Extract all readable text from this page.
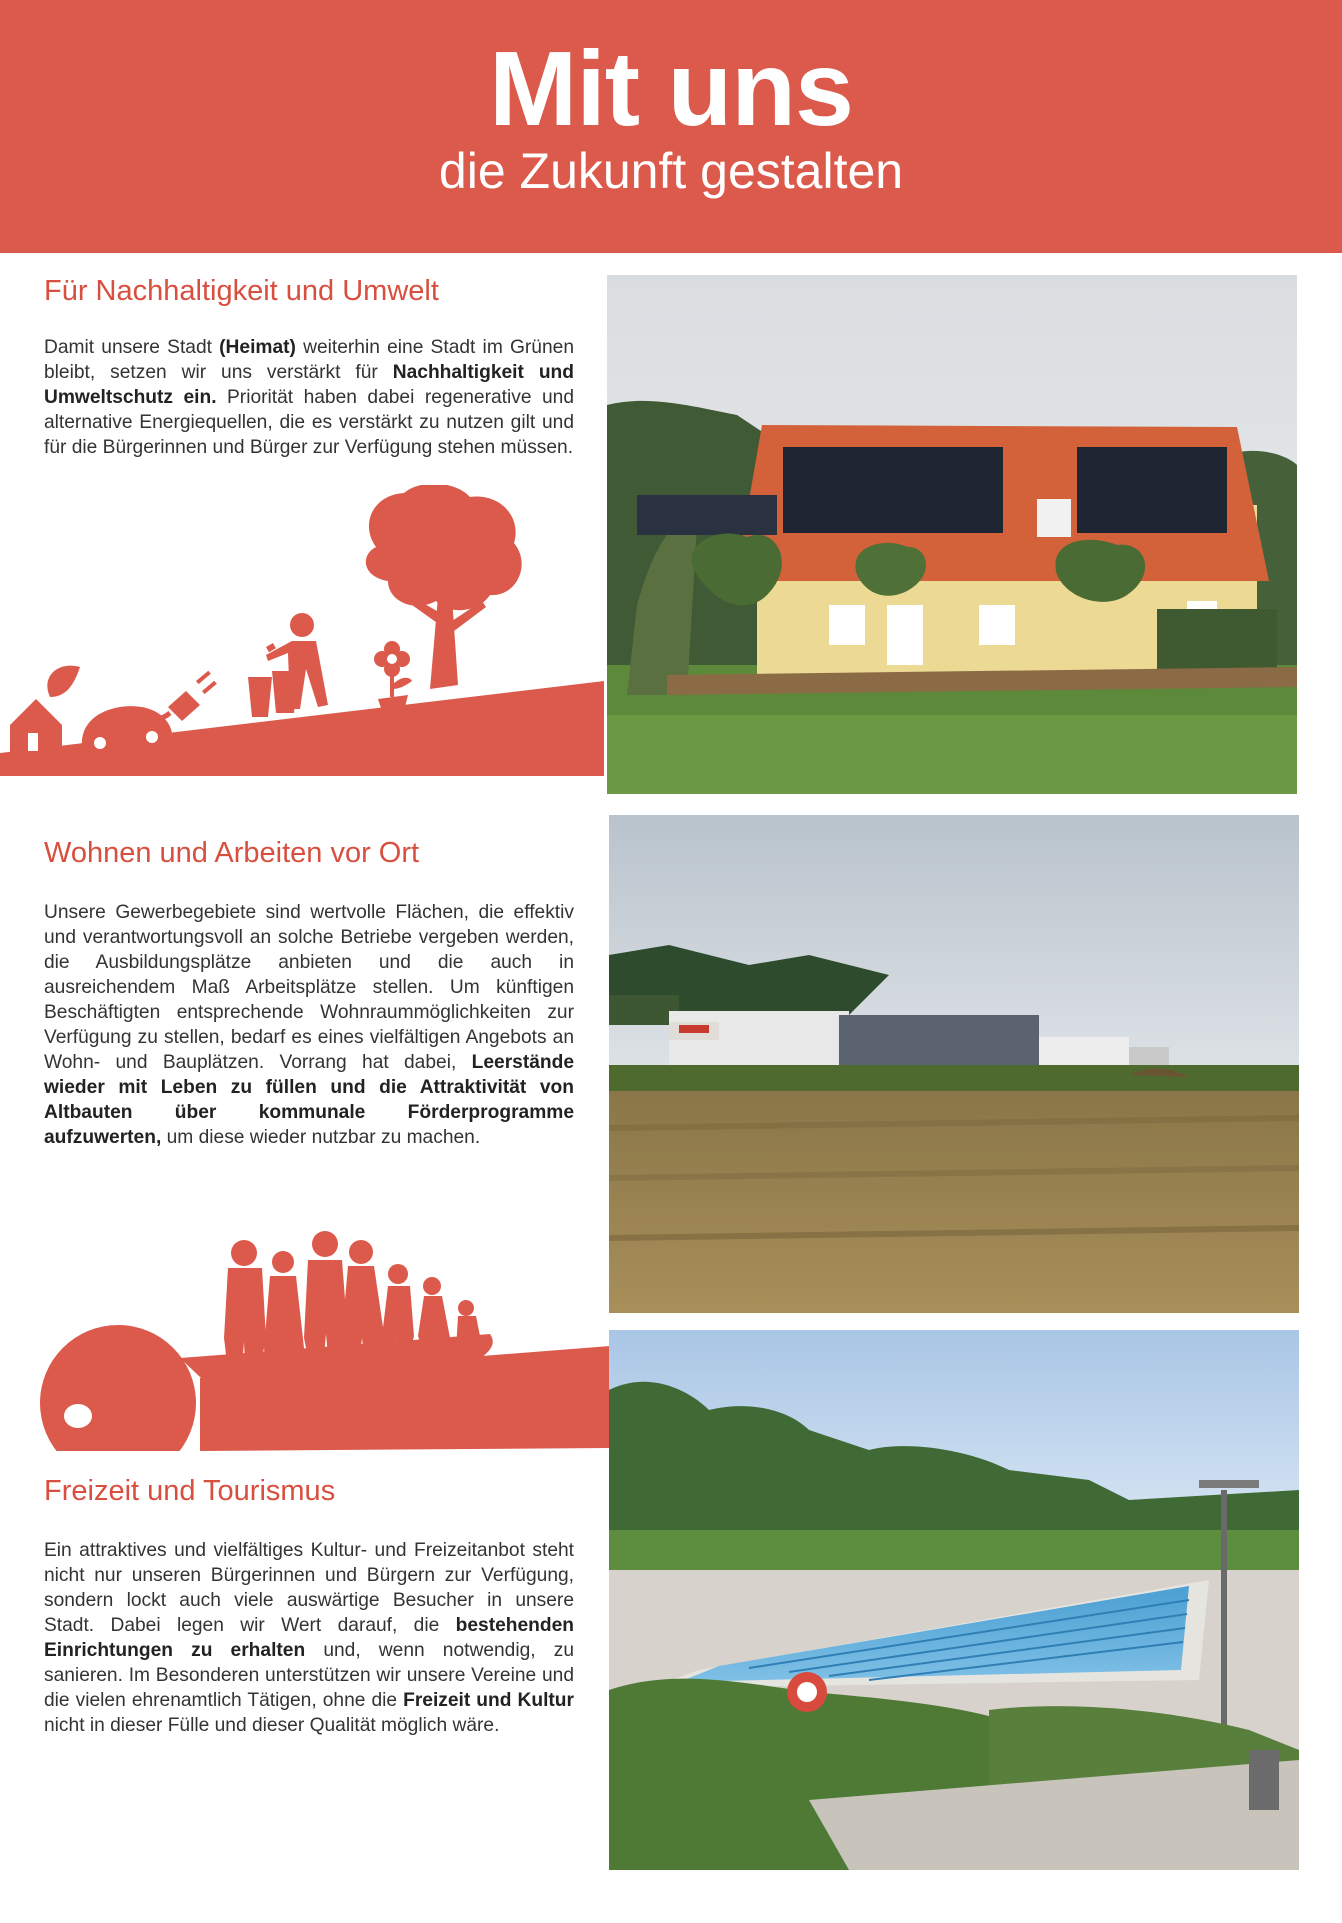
Mit uns
die Zukunft gestalten
Für Nachhaltigkeit und Umwelt

Damit unsere Stadt (Heimat) weiterhin eine Stadt im Grünen bleibt, setzen wir uns verstärkt für Nachhaltigkeit und Umweltschutz ein. Priorität haben dabei regenerative und alternative Energiequellen, die es verstärkt zu nutzen gilt und für die Bürgerinnen und Bürger zur Verfügung stehen müssen.

Wohnen und Arbeiten vor Ort

Unsere Gewerbegebiete sind wertvolle Flächen, die effektiv und verantwortungsvoll an solche Betriebe vergeben werden, die Ausbildungsplätze anbieten und die auch in ausreichendem Maß Arbeitsplätze stellen. Um künftigen Beschäftigten entsprechende Wohnraummöglichkeiten zur Verfügung zu stellen, bedarf es eines vielfältigen Angebots an Wohn- und Bauplätzen. Vorrang hat dabei, Leerstände wieder mit Leben zu füllen und die Attraktivität von Altbauten über kommunale Förderprogramme aufzuwerten, um diese wieder nutzbar zu machen.

Freizeit und Tourismus

Ein attraktives und vielfältiges Kultur- und Freizeitanbot steht nicht nur unseren Bürgerinnen und Bürgern zur Verfügung, sondern lockt auch viele auswärtige Besucher in unsere Stadt. Dabei legen wir Wert darauf, die bestehenden Einrichtungen zu erhalten und, wenn notwendig, zu sanieren. Im Besonderen unterstützen wir unsere Vereine und die vielen ehrenamtlich Tätigen, ohne die Freizeit und Kultur nicht in dieser Fülle und dieser Qualität möglich wäre.
